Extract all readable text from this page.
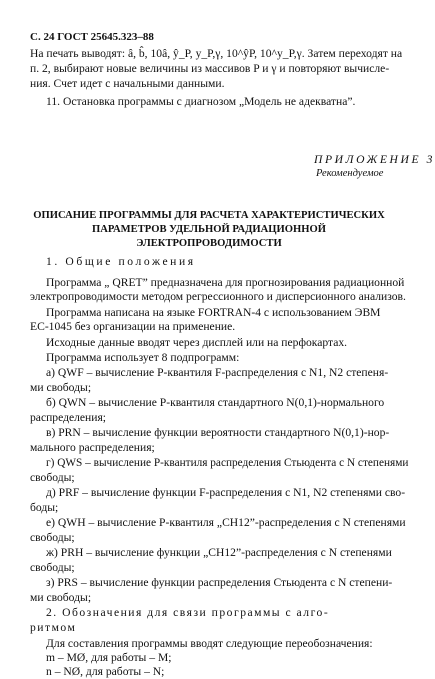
С. 24 ГОСТ 25645.323–88
На печать выводят: â, b̂, 10â, ŷ_P, y_P,γ, 10^ŷP, 10^y_P,γ. Затем переходят на
п. 2, выбирают новые величины из массивов P и γ и повторяют вычисле-
ния. Счет идет с начальными данными.
11. Остановка программы с диагнозом „Модель не адекватна”.
ПРИЛОЖЕНИЕ 3
Рекомендуемое
ОПИСАНИЕ ПРОГРАММЫ ДЛЯ РАСЧЕТА ХАРАКТЕРИСТИЧЕСКИХ
ПАРАМЕТРОВ УДЕЛЬНОЙ РАДИАЦИОННОЙ
ЭЛЕКТРОПРОВОДИМОСТИ
1. Общие положения
Программа „ QRET” предназначена для прогнозирования радиационной
электропроводимости методом регрессионного и дисперсионного анализов.
Программа написана на языке FORTRAN-4 с использованием ЭВМ
ЕС-1045 без организации на применение.
Исходные данные вводят через дисплей или на перфокартах.
Программа использует 8 подпрограмм:
а) QWF – вычисление P-квантиля F-распределения с N1, N2 степеня-
ми свободы;
б) QWN – вычисление P-квантиля стандартного N(0,1)-нормального
распределения;
в) PRN – вычисление функции вероятности стандартного N(0,1)-нор-
мального распределения;
г) QWS – вычисление P-квантиля распределения Стьюдента с N степенями
свободы;
д) PRF – вычисление функции F-распределения с N1, N2 степенями сво-
боды;
е) QWH – вычисление P-квантиля „CH12”-распределения с N степенями
свободы;
ж) PRH – вычисление функции „CH12”-распределения с N степенями
свободы;
з) PRS – вычисление функции распределения Стьюдента с N степени-
ми свободы;
2. Обозначения для связи программы с алго-
ритмом
Для составления программы вводят следующие переобозначения:
m – MØ, для работы – M;
n – NØ, для работы – N;
